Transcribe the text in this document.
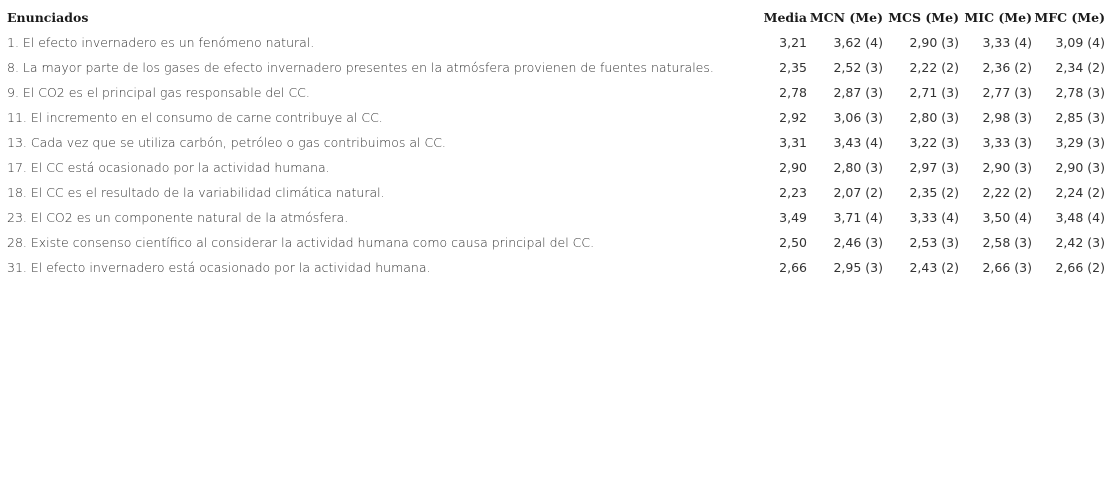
Enunciados	Media	MCN (Me)	MCS (Me)	MIC (Me)	MFC (Me)
1. El efecto invernadero es un fenómeno natural.	3,21	3,62 (4)	2,90 (3)	3,33 (4)	3,09 (4)
8. La mayor parte de los gases de efecto invernadero presentes en la atmósfera provienen de fuentes naturales.	2,35	2,52 (3)	2,22 (2)	2,36 (2)	2,34 (2)
9. El CO2 es el principal gas responsable del CC.	2,78	2,87 (3)	2,71 (3)	2,77 (3)	2,78 (3)
11. El incremento en el consumo de carne contribuye al CC.	2,92	3,06 (3)	2,80 (3)	2,98 (3)	2,85 (3)
13. Cada vez que se utiliza carbón, petróleo o gas contribuimos al CC.	3,31	3,43 (4)	3,22 (3)	3,33 (3)	3,29 (3)
17. El CC está ocasionado por la actividad humana.	2,90	2,80 (3)	2,97 (3)	2,90 (3)	2,90 (3)
18. El CC es el resultado de la variabilidad climática natural.	2,23	2,07 (2)	2,35 (2)	2,22 (2)	2,24 (2)
23. El CO2 es un componente natural de la atmósfera.	3,49	3,71 (4)	3,33 (4)	3,50 (4)	3,48 (4)
28. Existe consenso científico al considerar la actividad humana como causa principal del CC.	2,50	2,46 (3)	2,53 (3)	2,58 (3)	2,42 (3)
31. El efecto invernadero está ocasionado por la actividad humana.	2,66	2,95 (3)	2,43 (2)	2,66 (3)	2,66 (2)
